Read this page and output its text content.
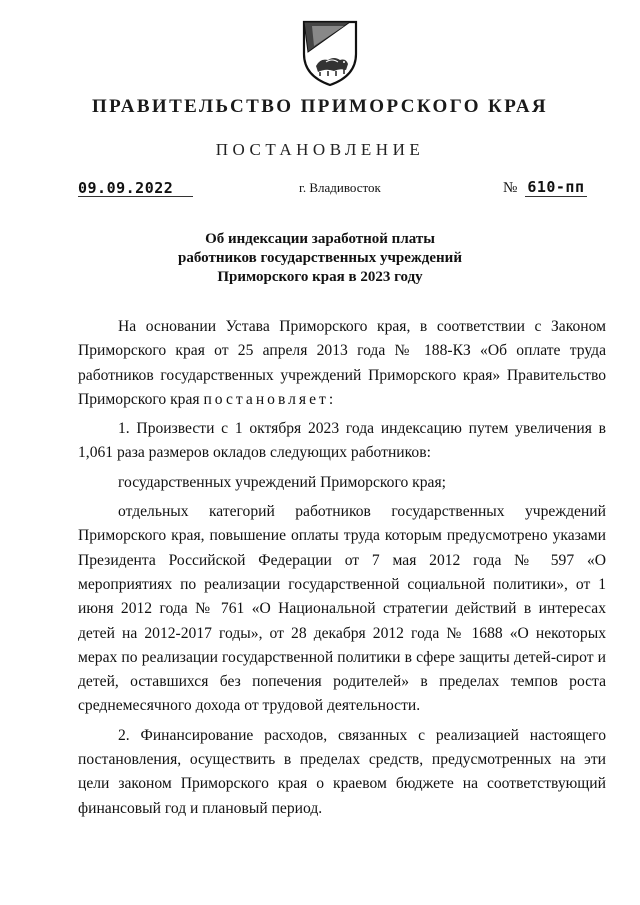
ПРАВИТЕЛЬСТВО ПРИМОРСКОГО КРАЯ
ПОСТАНОВЛЕНИЕ
09.09.2022	г. Владивосток	№ 610-пп
Об индексации заработной платы
работников государственных учреждений
Приморского края в 2023 году

На основании Устава Приморского края, в соответствии с Законом Приморского края от 25 апреля 2013 года № 188-КЗ «Об оплате труда работников государственных учреждений Приморского края» Правительство Приморского края постановляет:

1. Произвести с 1 октября 2023 года индексацию путем увеличения в 1,061 раза размеров окладов следующих работников:

государственных учреждений Приморского края;

отдельных категорий работников государственных учреждений Приморского края, повышение оплаты труда которым предусмотрено указами Президента Российской Федерации от 7 мая 2012 года № 597 «О мероприятиях по реализации государственной социальной политики», от 1 июня 2012 года № 761 «О Национальной стратегии действий в интересах детей на 2012-2017 годы», от 28 декабря 2012 года № 1688 «О некоторых мерах по реализации государственной политики в сфере защиты детей-сирот и детей, оставшихся без попечения родителей» в пределах темпов роста среднемесячного дохода от трудовой деятельности.

2. Финансирование расходов, связанных с реализацией настоящего постановления, осуществить в пределах средств, предусмотренных на эти цели законом Приморского края о краевом бюджете на соответствующий финансовый год и плановый период.
